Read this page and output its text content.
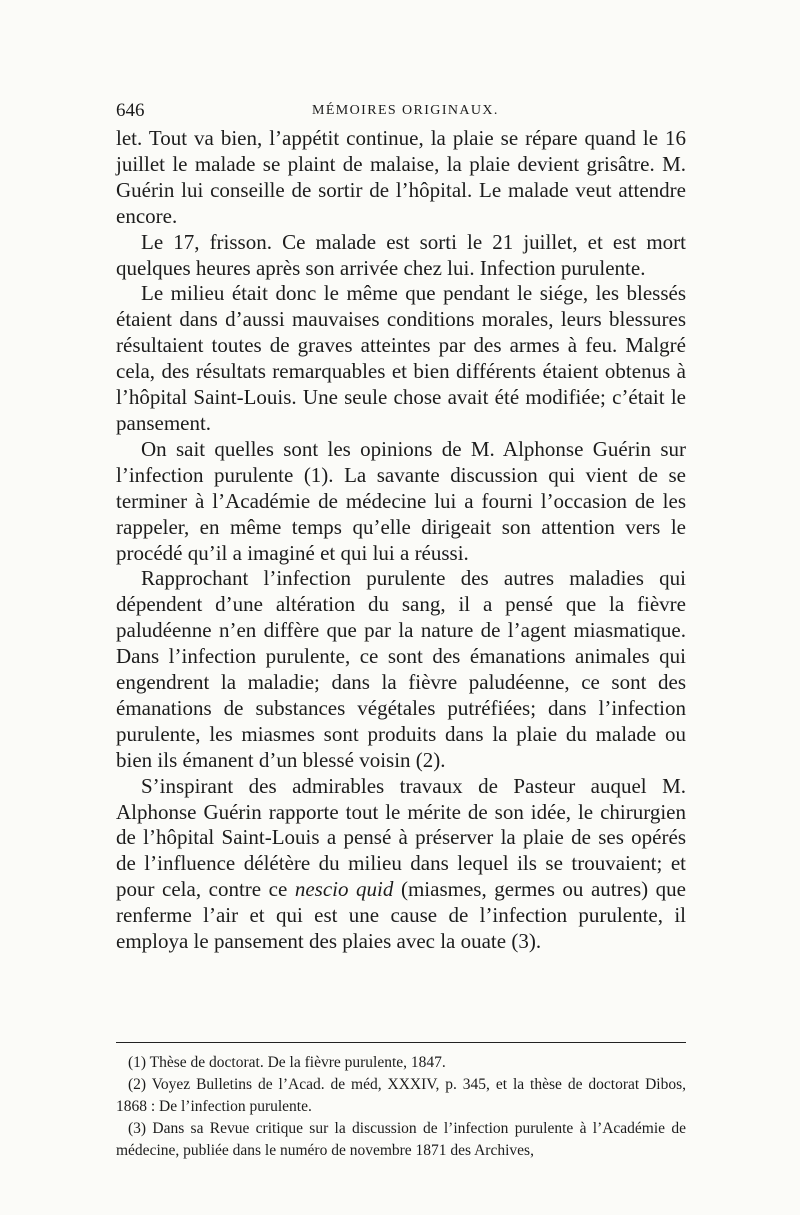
646	MÉMOIRES ORIGINAUX.

let. Tout va bien, l’appétit continue, la plaie se répare quand le 16 juillet le malade se plaint de malaise, la plaie devient grisâtre. M. Guérin lui conseille de sortir de l’hôpital. Le malade veut attendre encore.

Le 17, frisson. Ce malade est sorti le 21 juillet, et est mort quelques heures après son arrivée chez lui. Infection purulente.

Le milieu était donc le même que pendant le siége, les blessés étaient dans d’aussi mauvaises conditions morales, leurs blessures résultaient toutes de graves atteintes par des armes à feu. Malgré cela, des résultats remarquables et bien différents étaient obtenus à l’hôpital Saint-Louis. Une seule chose avait été modifiée; c’était le pansement.

On sait quelles sont les opinions de M. Alphonse Guérin sur l’infection purulente (1). La savante discussion qui vient de se terminer à l’Académie de médecine lui a fourni l’occasion de les rappeler, en même temps qu’elle dirigeait son attention vers le procédé qu’il a imaginé et qui lui a réussi.

Rapprochant l’infection purulente des autres maladies qui dépendent d’une altération du sang, il a pensé que la fièvre paludéenne n’en diffère que par la nature de l’agent miasmatique. Dans l’infection purulente, ce sont des émanations animales qui engendrent la maladie; dans la fièvre paludéenne, ce sont des émanations de substances végétales putréfiées; dans l’infection purulente, les miasmes sont produits dans la plaie du malade ou bien ils émanent d’un blessé voisin (2).

S’inspirant des admirables travaux de Pasteur auquel M. Alphonse Guérin rapporte tout le mérite de son idée, le chirurgien de l’hôpital Saint-Louis a pensé à préserver la plaie de ses opérés de l’influence délétère du milieu dans lequel ils se trouvaient; et pour cela, contre ce nescio quid (miasmes, germes ou autres) que renferme l’air et qui est une cause de l’infection purulente, il employa le pansement des plaies avec la ouate (3).

(1) Thèse de doctorat. De la fièvre purulente, 1847.

(2) Voyez Bulletins de l’Acad. de méd, XXXIV, p. 345, et la thèse de doctorat Dibos, 1868 : De l’infection purulente.

(3) Dans sa Revue critique sur la discussion de l’infection purulente à l’Académie de médecine, publiée dans le numéro de novembre 1871 des Archives,
